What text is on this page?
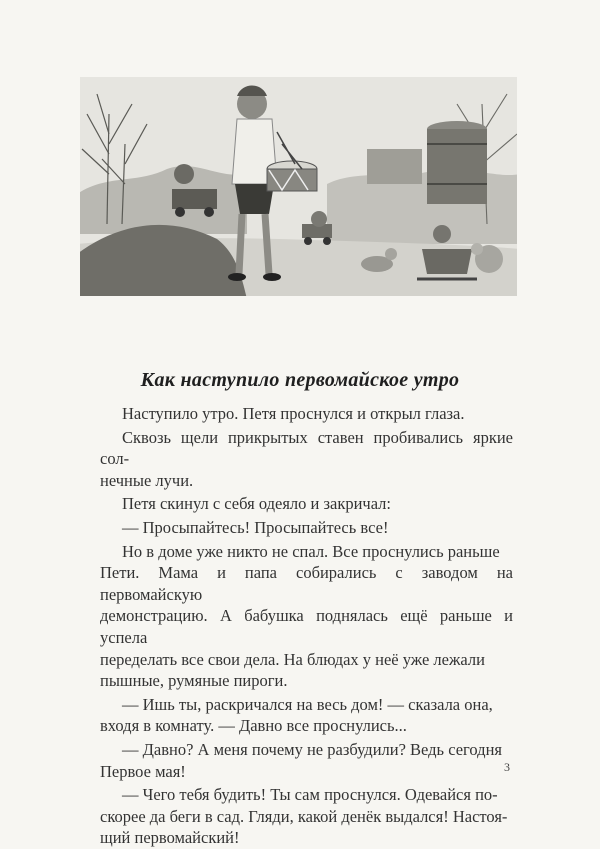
Как наступило первомайское утро

Наступило утро. Петя проснулся и открыл глаза.

Сквозь щели прикрытых ставен пробивались яркие сол-

нечные лучи.

Петя скинул с себя одеяло и закричал:

— Просыпайтесь! Просыпайтесь все!

Но в доме уже никто не спал. Все проснулись раньше

Пети. Мама и папа собирались с заводом на первомайскую

демонстрацию. А бабушка поднялась ещё раньше и успела

переделать все свои дела. На блюдах у неё уже лежали

пышные, румяные пироги.

— Ишь ты, раскричался на весь дом! — сказала она,

входя в комнату. — Давно все проснулись...

— Давно? А меня почему не разбудили? Ведь сегодня

Первое мая!

— Чего тебя будить! Ты сам проснулся. Одевайся по-

скорее да беги в сад. Гляди, какой денёк выдался! Настоя-

щий первомайский!

3
